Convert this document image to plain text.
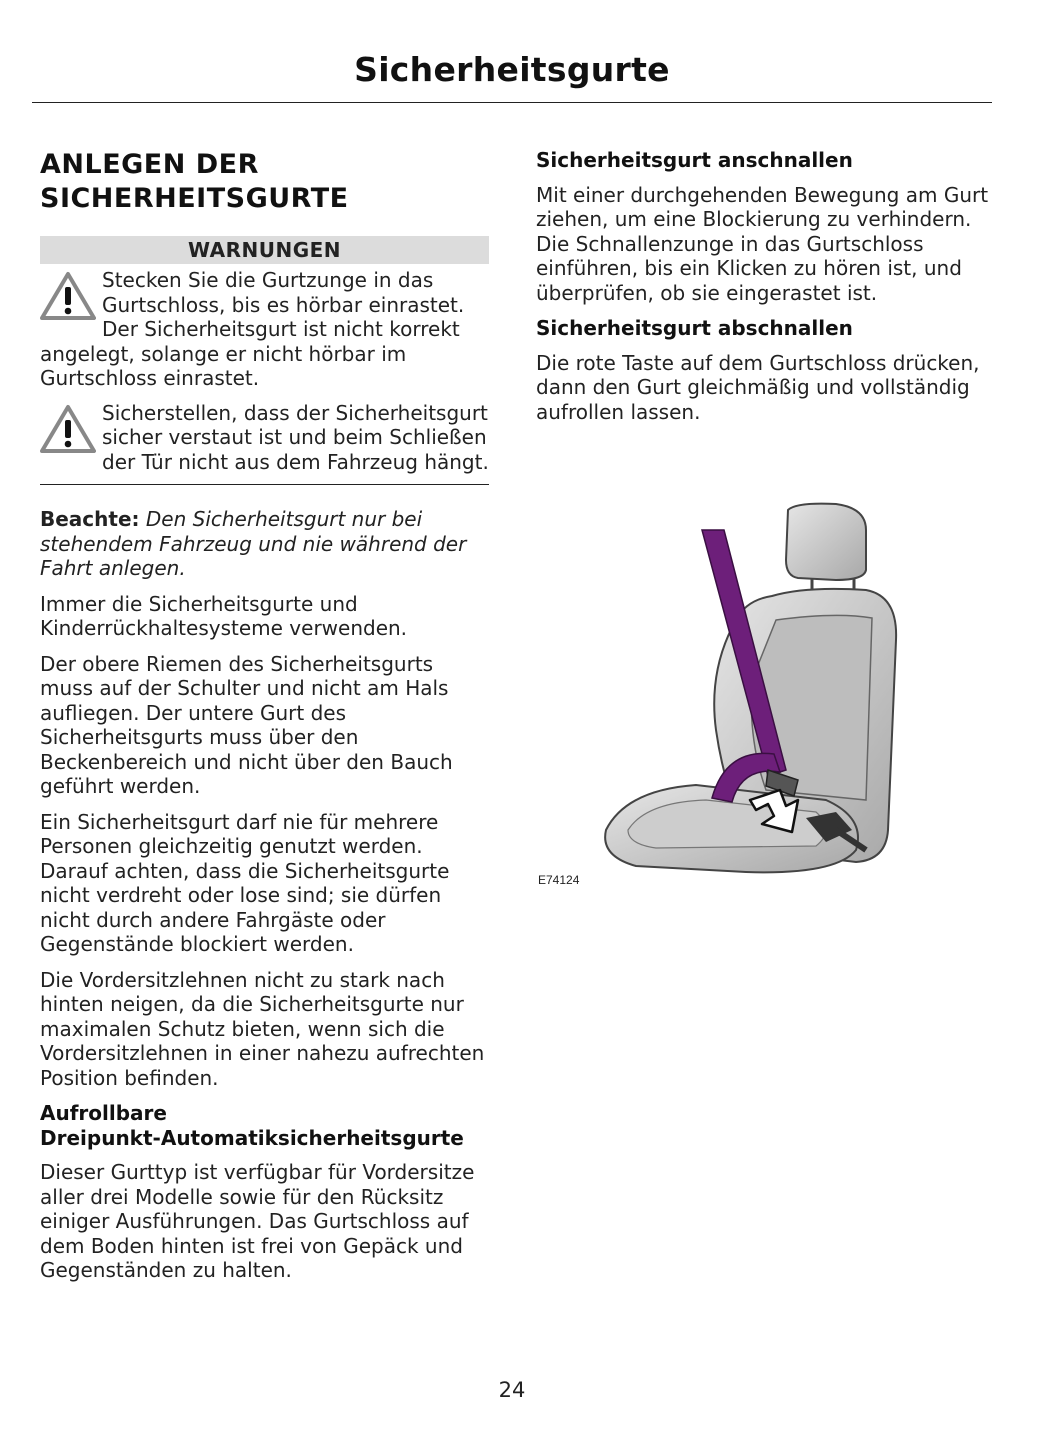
Sicherheitsgurte
ANLEGEN DER
SICHERHEITSGURTE
WARNUNGEN
Stecken Sie die Gurtzunge in das Gurtschloss, bis es hörbar einrastet. Der Sicherheitsgurt ist nicht korrekt angelegt, solange er nicht hörbar im Gurtschloss einrastet.
Sicherstellen, dass der Sicherheitsgurt sicher verstaut ist und beim Schließen der Tür nicht aus dem Fahrzeug hängt.

Beachte: Den Sicherheitsgurt nur bei stehendem Fahrzeug und nie während der Fahrt anlegen.

Immer die Sicherheitsgurte und Kinderrückhaltesysteme verwenden.

Der obere Riemen des Sicherheitsgurts muss auf der Schulter und nicht am Hals aufliegen. Der untere Gurt des Sicherheitsgurts muss über den Beckenbereich und nicht über den Bauch geführt werden.

Ein Sicherheitsgurt darf nie für mehrere Personen gleichzeitig genutzt werden. Darauf achten, dass die Sicherheitsgurte nicht verdreht oder lose sind; sie dürfen nicht durch andere Fahrgäste oder Gegenstände blockiert werden.

Die Vordersitzlehnen nicht zu stark nach hinten neigen, da die Sicherheitsgurte nur maximalen Schutz bieten, wenn sich die Vordersitzlehnen in einer nahezu aufrechten Position befinden.

Aufrollbare
Dreipunkt-Automatiksicherheitsgurte

Dieser Gurttyp ist verfügbar für Vordersitze aller drei Modelle sowie für den Rücksitz einiger Ausführungen. Das Gurtschloss auf dem Boden hinten ist frei von Gepäck und Gegenständen zu halten.

Sicherheitsgurt anschnallen

Mit einer durchgehenden Bewegung am Gurt ziehen, um eine Blockierung zu verhindern. Die Schnallenzunge in das Gurtschloss einführen, bis ein Klicken zu hören ist, und überprüfen, ob sie eingerastet ist.

Sicherheitsgurt abschnallen

Die rote Taste auf dem Gurtschloss drücken, dann den Gurt gleichmäßig und vollständig aufrollen lassen.

E74124
24
